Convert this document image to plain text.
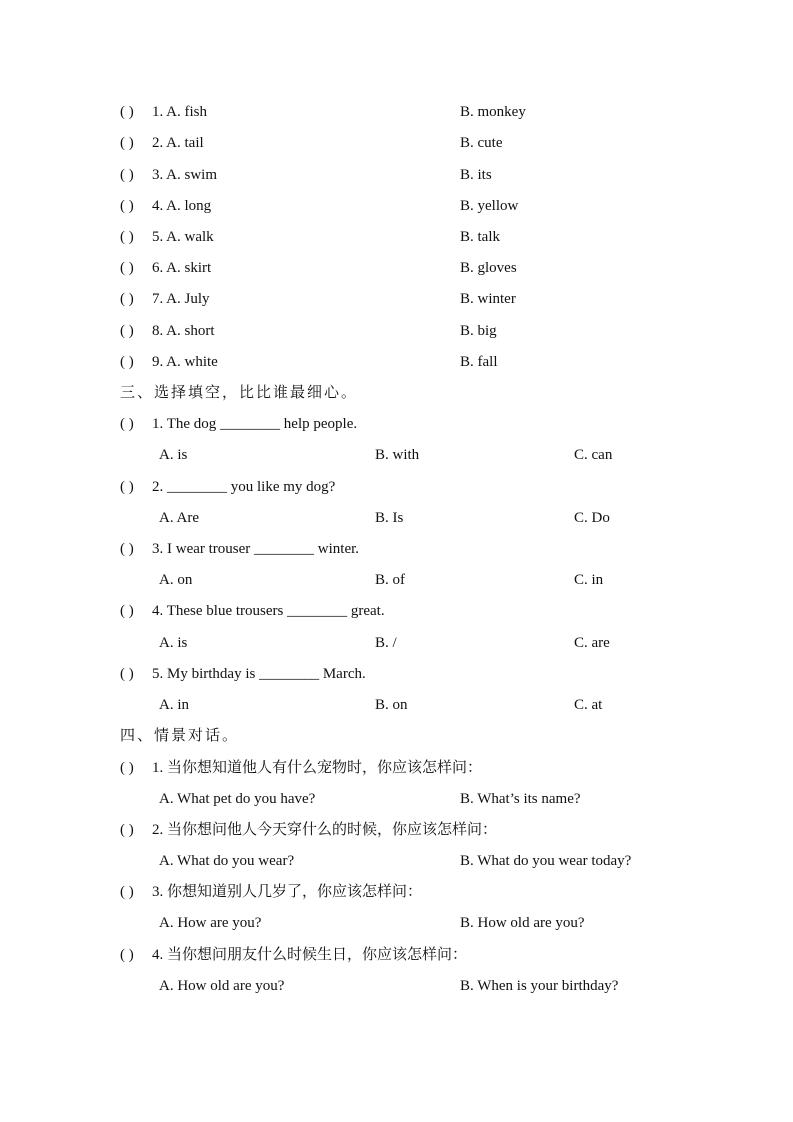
( ) 1. A. fish	B. monkey
( ) 2. A. tail	B. cute
( ) 3. A. swim	B. its
( ) 4. A. long	B. yellow
( ) 5. A. walk	B. talk
( ) 6. A. skirt	B. gloves
( ) 7. A. July	B. winter
( ) 8. A. short	B. big
( ) 9. A. white	B. fall
三、选择填空，比比谁最细心。
( ) 1. The dog ________ help people.
A. is	B. with	C. can
( ) 2. ________ you like my dog?
A. Are	B. Is	C. Do
( ) 3. I wear trouser ________ winter.
A. on	B. of	C. in
( ) 4. These blue trousers ________ great.
A. is	B. /	C. are
( ) 5. My birthday is ________ March.
A. in	B. on	C. at
四、情景对话。
( ) 1. 当你想知道他人有什么宠物时，你应该怎样问：
A. What pet do you have?	B. What’s its name?
( ) 2. 当你想问他人今天穿什么的时候，你应该怎样问：
A. What do you wear?	B. What do you wear today?
( ) 3. 你想知道别人几岁了，你应该怎样问：
A. How are you?	B. How old are you?
( ) 4. 当你想问朋友什么时候生日，你应该怎样问：
A. How old are you?	B. When is your birthday?
